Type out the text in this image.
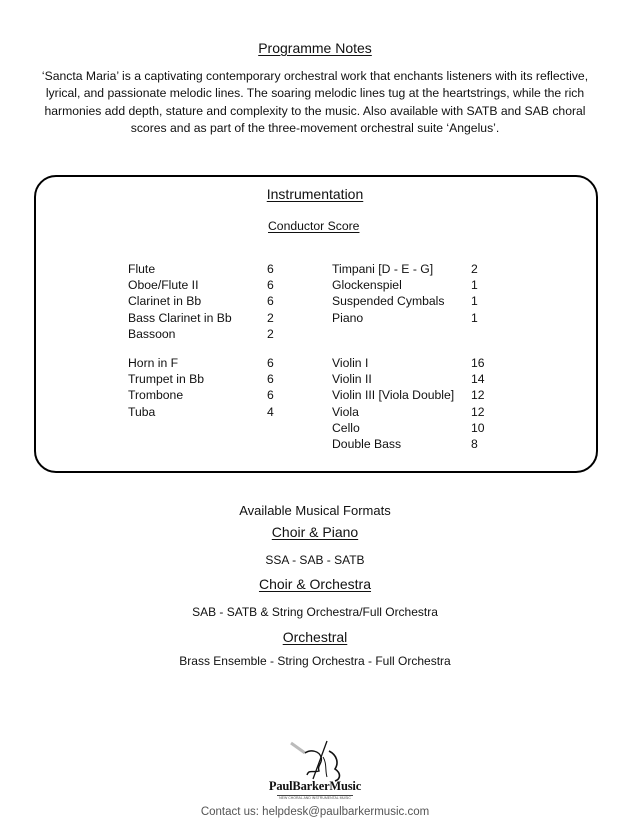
Programme Notes
‘Sancta Maria’ is a captivating contemporary orchestral work that enchants listeners with its reflective, lyrical, and passionate melodic lines. The soaring melodic lines tug at the heartstrings, while the rich harmonies add depth, stature and complexity to the music. Also available with SATB and SAB choral scores and as part of the three-movement orchestral suite ‘Angelus’.
Instrumentation
Conductor Score
Flute	6
Oboe/Flute II	6
Clarinet in Bb	6
Bass Clarinet in Bb	2
Bassoon	2
Timpani [D - E - G]	2
Glockenspiel	1
Suspended Cymbals 1
Piano	1
Horn in F	6
Trumpet in Bb	6
Trombone	6
Tuba	4
Violin I	16
Violin II	14
Violin III [Viola Double] 12
Viola	12
Cello	10
Double Bass	8
Available Musical Formats
Choir & Piano
SSA - SAB - SATB
Choir & Orchestra
SAB - SATB & String Orchestra/Full Orchestra
Orchestral
Brass Ensemble - String Orchestra - Full Orchestra
PaulBarkerMusic
NEW CHORAL AND INSTRUMENTAL MUSIC
Contact us: helpdesk@paulbarkermusic.com
